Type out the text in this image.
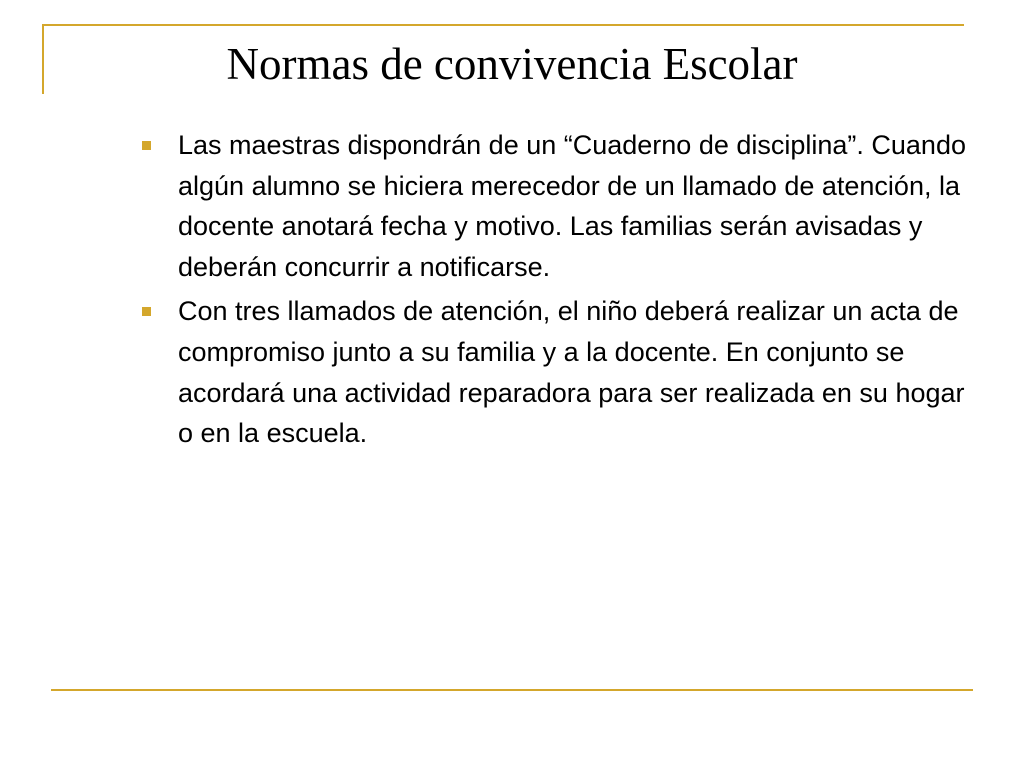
Normas de convivencia Escolar
Las maestras dispondrán de un “Cuaderno de disciplina”. Cuando algún alumno se hiciera merecedor de un llamado de atención, la docente anotará fecha y motivo. Las familias serán avisadas y deberán concurrir a notificarse.
Con tres llamados de atención, el niño deberá realizar un acta de compromiso junto a su familia y a la docente. En conjunto se acordará una actividad reparadora para ser realizada en su hogar o en la escuela.
